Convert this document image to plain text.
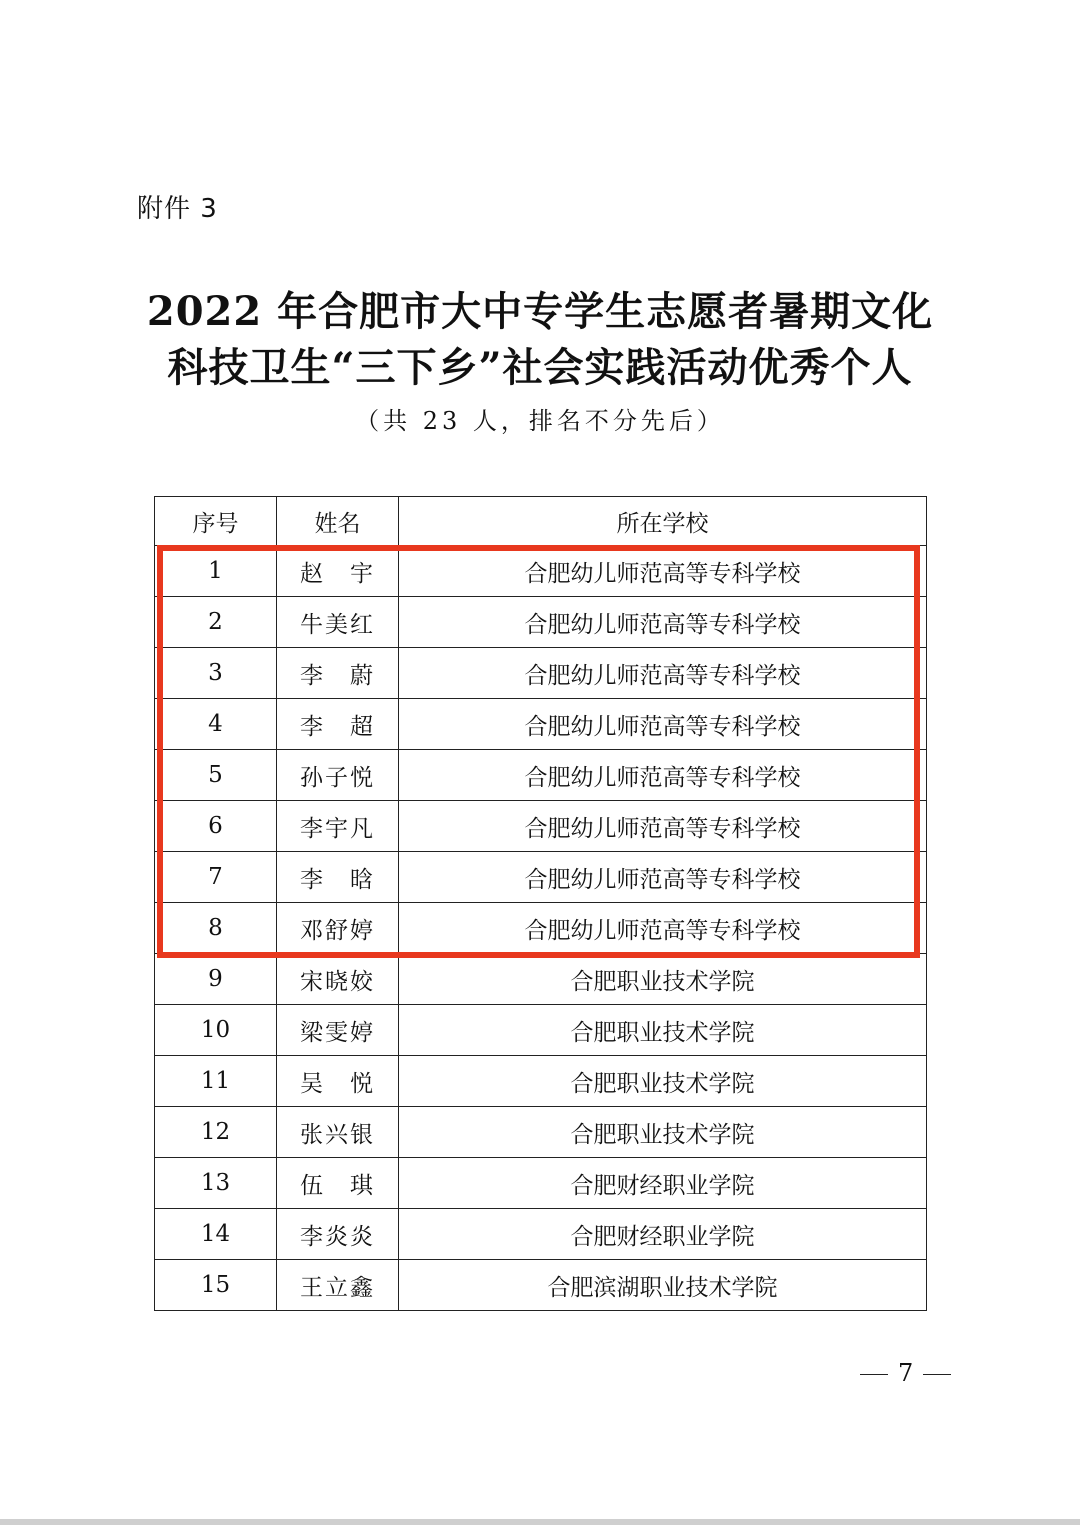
附件 3
2022 年合肥市大中专学生志愿者暑期文化
科技卫生“三下乡”社会实践活动优秀个人
（共 23 人，排名不分先后）
序号	姓名	所在学校
1	赵　宇	合肥幼儿师范高等专科学校
2	牛美红	合肥幼儿师范高等专科学校
3	李　蔚	合肥幼儿师范高等专科学校
4	李　超	合肥幼儿师范高等专科学校
5	孙子悦	合肥幼儿师范高等专科学校
6	李宇凡	合肥幼儿师范高等专科学校
7	李　晗	合肥幼儿师范高等专科学校
8	邓舒婷	合肥幼儿师范高等专科学校
9	宋晓姣	合肥职业技术学院
10	梁雯婷	合肥职业技术学院
11	吴　悦	合肥职业技术学院
12	张兴银	合肥职业技术学院
13	伍　琪	合肥财经职业学院
14	李炎炎	合肥财经职业学院
15	王立鑫	合肥滨湖职业技术学院
7
